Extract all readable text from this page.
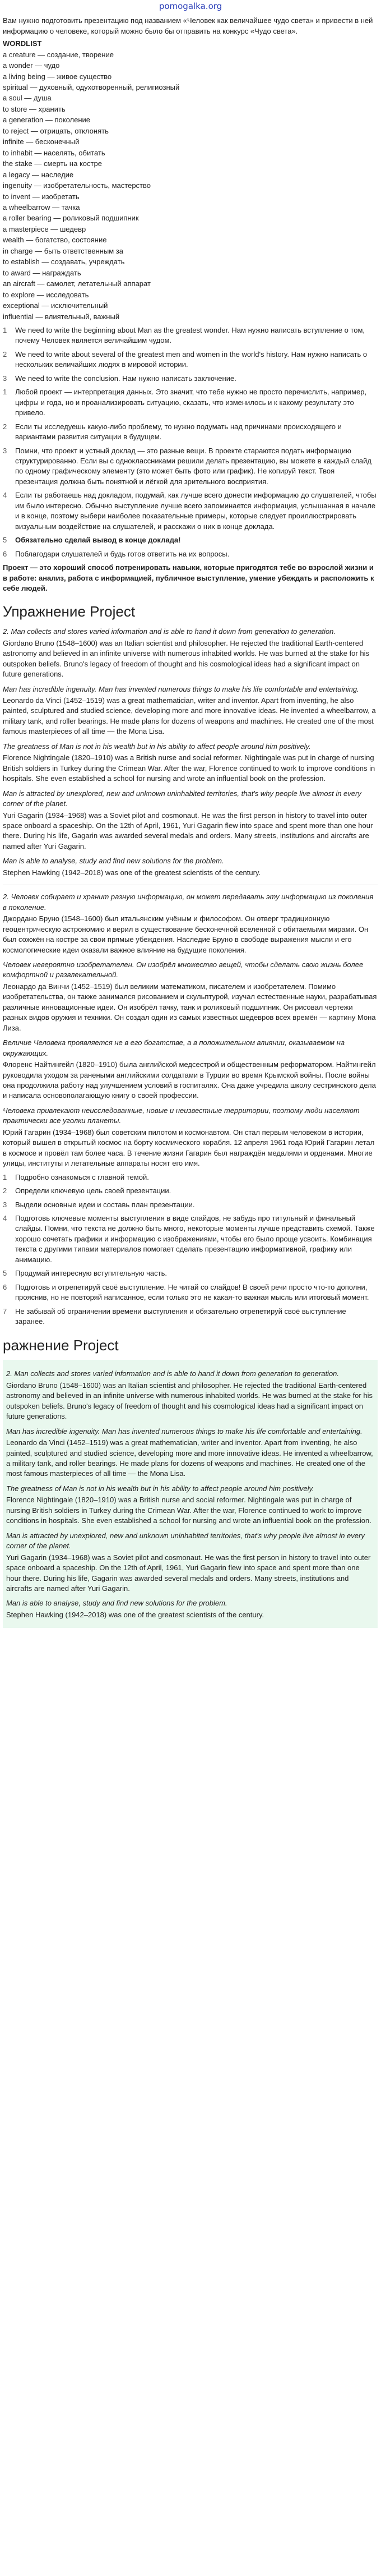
pomogalka.org

Вам нужно подготовить презентацию под названием «Человек как величайшее чудо света» и привести в ней информацию о человеке, который можно было бы отправить на конкурс «Чудо света».

WORDLIST
a creature — создание, творение
a wonder — чудо
a living being — живое существо
spiritual — духовный, одухотворенный, религиозный
a soul — душа
to store — хранить
a generation — поколение
to reject — отрицать, отклонять
infinite — бесконечный
to inhabit — населять, обитать
the stake — смерть на костре
a legacy — наследие
ingenuity — изобретательность, мастерство
to invent — изобретать
a wheelbarrow — тачка
a roller bearing — роликовый подшипник
a masterpiece — шедевр
wealth — богатство, состояние
in charge — быть ответственным за
to establish — создавать, учреждать
to award — награждать
an aircraft — самолет, летательный аппарат
to explore — исследовать
exceptional — исключительный
influential — влиятельный, важный
1	We need to write the beginning about Man as the greatest wonder. Нам нужно написать вступление о том, почему Человек является величайшим чудом.
2	We need to write about several of the greatest men and women in the world's history. Нам нужно написать о нескольких величайших людях в мировой истории.
3	We need to write the conclusion. Нам нужно написать заключение.
1	Любой проект — интерпретация данных. Это значит, что тебе нужно не просто перечислить, например, цифры и года, но и проанализировать ситуацию, сказать, что изменилось и к какому результату это привело.
2	Если ты исследуешь какую-либо проблему, то нужно подумать над причинами происходящего и вариантами развития ситуации в будущем.
3	Помни, что проект и устный доклад — это разные вещи. В проекте стараются подать информацию структурированно. Если вы с одноклассниками решили делать презентацию, вы можете в каждый слайд по одному графическому элементу (это может быть фото или график). Не копируй текст. Твоя презентация должна быть понятной и лёгкой для зрительного восприятия.
4	Если ты работаешь над докладом, подумай, как лучше всего донести информацию до слушателей, чтобы им было интересно. Обычно выступление лучше всего запоминается информация, услышанная в начале и в конце, поэтому выбери наиболее показательные примеры, которые следует проиллюстрировать визуальным воздействие на слушателей, и расскажи о них в конце доклада.
5	Обязательно сделай вывод в конце доклада!
6	Поблагодари слушателей и будь готов ответить на их вопросы.

Проект — это хороший способ потренировать навыки, которые пригодятся тебе во взрослой жизни и в работе: анализ, работа с информацией, публичное выступление, умение убеждать и расположить к себе людей.

Упражнение Project
2. Man collects and stores varied information and is able to hand it down from generation to generation.
Giordano Bruno (1548–1600) was an Italian scientist and philosopher. He rejected the traditional Earth-centered astronomy and believed in an infinite universe with numerous inhabited worlds. He was burned at the stake for his outspoken beliefs. Bruno's legacy of freedom of thought and his cosmological ideas had a significant impact on future generations.
Man has incredible ingenuity. Man has invented numerous things to make his life comfortable and entertaining.
Leonardo da Vinci (1452–1519) was a great mathematician, writer and inventor. Apart from inventing, he also painted, sculptured and studied science, developing more and more innovative ideas. He invented a wheelbarrow, a military tank, and roller bearings. He made plans for dozens of weapons and machines. He created one of the most famous masterpieces of all time — the Mona Lisa.
The greatness of Man is not in his wealth but in his ability to affect people around him positively.
Florence Nightingale (1820–1910) was a British nurse and social reformer. Nightingale was put in charge of nursing British soldiers in Turkey during the Crimean War. After the war, Florence continued to work to improve conditions in hospitals. She even established a school for nursing and wrote an influential book on the profession.
Man is attracted by unexplored, new and unknown uninhabited territories, that's why people live almost in every corner of the planet.
Yuri Gagarin (1934–1968) was a Soviet pilot and cosmonaut. He was the first person in history to travel into outer space onboard a spaceship. On the 12th of April, 1961, Yuri Gagarin flew into space and spent more than one hour there. During his life, Gagarin was awarded several medals and orders. Many streets, institutions and aircrafts are named after Yuri Gagarin.
Man is able to analyse, study and find new solutions for the problem.
Stephen Hawking (1942–2018) was one of the greatest scientists of the century.
2. Человек собирает и хранит разную информацию, он может передавать эту информацию из поколения в поколение.
Джордано Бруно (1548–1600) был итальянским учёным и философом. Он отверг традиционную геоцентрическую астрономию и верил в существование бесконечной вселенной с обитаемыми мирами. Он был сожжён на костре за свои прямые убеждения. Наследие Бруно в свободе выражения мысли и его космологические идеи оказали важное влияние на будущие поколения.
Человек невероятно изобретателен. Он изобрёл множество вещей, чтобы сделать свою жизнь более комфортной и развлекательной.
Леонардо да Винчи (1452–1519) был великим математиком, писателем и изобретателем. Помимо изобретательства, он также занимался рисованием и скульптурой, изучал естественные науки, разрабатывая различные инновационные идеи. Он изобрёл тачку, танк и роликовый подшипник. Он рисовал чертежи разных видов оружия и техники. Он создал один из самых известных шедевров всех времён — картину Мона Лиза.
Величие Человека проявляется не в его богатстве, а в положительном влиянии, оказываемом на окружающих.
Флоренс Найтингейл (1820–1910) была английской медсестрой и общественным реформатором. Найтингейл руководила уходом за ранеными английскими солдатами в Турции во время Крымской войны. После войны она продолжила работу над улучшением условий в госпиталях. Она даже учредила школу сестринского дела и написала основополагающую книгу о своей профессии.
Человека привлекают неисследованные, новые и неизвестные территории, поэтому люди населяют практически все уголки планеты.
Юрий Гагарин (1934–1968) был советским пилотом и космонавтом. Он стал первым человеком в истории, который вышел в открытый космос на борту космического корабля. 12 апреля 1961 года Юрий Гагарин летал в космосе и провёл там более часа. В течение жизни Гагарин был награждён медалями и орденами. Многие улицы, институты и летательные аппараты носят его имя.
1	Подробно ознакомься с главной темой.
2	Определи ключевую цель своей презентации.
3	Выдели основные идеи и составь план презентации.
4	Подготовь ключевые моменты выступления в виде слайдов, не забудь про титульный и финальный слайды. Помни, что текста не должно быть много, некоторые моменты лучше представить схемой. Также хорошо сочетать графики и информацию с изображениями, чтобы его было проще усвоить. Комбинация текста с другими типами материалов помогает сделать презентацию информативной, графику или анимацию.
5	Продумай интересную вступительную часть.
6	Подготовь и отрепетируй своё выступление. Не читай со слайдов! В своей речи просто что-то дополни, прояснив, но не повторяй написанное, если только это не какая-то важная мысль или итоговый момент.
7	Не забывай об ограничении времени выступления и обязательно отрепетируй своё выступление заранее.
ражнение Project
2. Man collects and stores varied information and is able to hand it down from generation to generation.
Giordano Bruno (1548–1600) was an Italian scientist and philosopher. He rejected the traditional Earth-centered astronomy and believed in an infinite universe with numerous inhabited worlds. He was burned at the stake for his outspoken beliefs. Bruno's legacy of freedom of thought and his cosmological ideas had a significant impact on future generations.
Man has incredible ingenuity. Man has invented numerous things to make his life comfortable and entertaining.
Leonardo da Vinci (1452–1519) was a great mathematician, writer and inventor. Apart from inventing, he also painted, sculptured and studied science, developing more and more innovative ideas. He invented a wheelbarrow, a military tank, and roller bearings. He made plans for dozens of weapons and machines. He created one of the most famous masterpieces of all time — the Mona Lisa.
The greatness of Man is not in his wealth but in his ability to affect people around him positively.
Florence Nightingale (1820–1910) was a British nurse and social reformer. Nightingale was put in charge of nursing British soldiers in Turkey during the Crimean War. After the war, Florence continued to work to improve conditions in hospitals. She even established a school for nursing and wrote an influential book on the profession.
Man is attracted by unexplored, new and unknown uninhabited territories, that's why people live almost in every corner of the planet.
Yuri Gagarin (1934–1968) was a Soviet pilot and cosmonaut. He was the first person in history to travel into outer space onboard a spaceship. On the 12th of April, 1961, Yuri Gagarin flew into space and spent more than one hour there. During his life, Gagarin was awarded several medals and orders. Many streets, institutions and aircrafts are named after Yuri Gagarin.
Man is able to analyse, study and find new solutions for the problem.
Stephen Hawking (1942–2018) was one of the greatest scientists of the century.
